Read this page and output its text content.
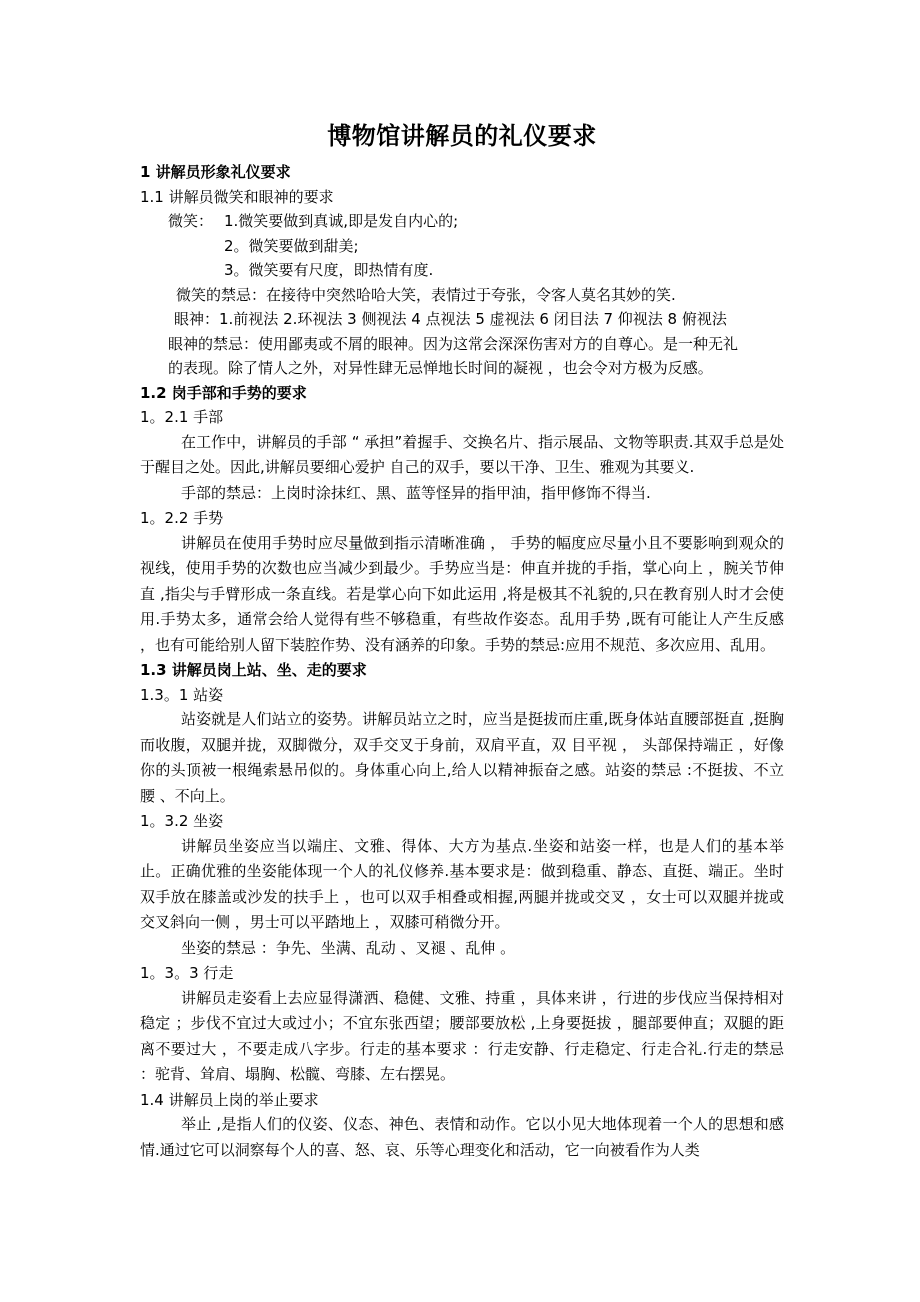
博物馆讲解员的礼仪要求
1 讲解员形象礼仪要求
1.1 讲解员微笑和眼神的要求
微笑： 1.微笑要做到真诚,即是发自内心的;
2。微笑要做到甜美;
3。微笑要有尺度，即热情有度.
微笑的禁忌：在接待中突然哈哈大笑，表情过于夸张，令客人莫名其妙的笑.
眼神：1.前视法 2.环视法 3 侧视法 4 点视法 5 虚视法 6 闭目法 7 仰视法 8 俯视法
眼神的禁忌：使用鄙夷或不屑的眼神。因为这常会深深伤害对方的自尊心。是一种无礼
的表现。除了情人之外，对异性肆无忌惮地长时间的凝视 ，也会令对方极为反感。
1.2 岗手部和手势的要求
1。2.1 手部

在工作中，讲解员的手部 “ 承担”着握手、交换名片、指示展品、文物等职责.其双手总是处于醒目之处。因此,讲解员要细心爱护 自己的双手，要以干净、卫生、雅观为其要义.

手部的禁忌：上岗时涂抹红、黑、蓝等怪异的指甲油，指甲修饰不得当.

1。2.2 手势

讲解员在使用手势时应尽量做到指示清晰准确 ， 手势的幅度应尽量小且不要影响到观众的视线，使用手势的次数也应当减少到最少。手势应当是：伸直并拢的手指，掌心向上 ，腕关节伸直 ,指尖与手臂形成一条直线。若是掌心向下如此运用 ,将是极其不礼貌的,只在教育别人时才会使用.手势太多，通常会给人觉得有些不够稳重，有些故作姿态。乱用手势 ,既有可能让人产生反感 ，也有可能给别人留下装腔作势、没有涵养的印象。手势的禁忌:应用不规范、多次应用、乱用。

1.3 讲解员岗上站、坐、走的要求
1.3。1 站姿

站姿就是人们站立的姿势。讲解员站立之时，应当是挺拔而庄重,既身体站直腰部挺直 ,挺胸而收腹，双腿并拢，双脚微分，双手交叉于身前，双肩平直，双 目平视 ， 头部保持端正 ，好像你的头顶被一根绳索悬吊似的。身体重心向上,给人以精神振奋之感。站姿的禁忌 :不挺拔、不立腰 、不向上。

1。3.2 坐姿

讲解员坐姿应当以端庄、文雅、得体、大方为基点.坐姿和站姿一样，也是人们的基本举止。正确优雅的坐姿能体现一个人的礼仪修养.基本要求是：做到稳重、静态、直挺、端正。坐时双手放在膝盖或沙发的扶手上 ，也可以双手相叠或相握,两腿并拢或交叉 ，女士可以双腿并拢或交叉斜向一侧 ，男士可以平踏地上 ，双膝可稍微分开。

坐姿的禁忌 ：争先、坐满、乱动 、叉褪 、乱伸 。

1。3。3 行走

讲解员走姿看上去应显得潇洒、稳健、文雅、持重 ，具体来讲 ，行进的步伐应当保持相对稳定 ；步伐不宜过大或过小；不宜东张西望；腰部要放松 ,上身要挺拔 ，腿部要伸直；双腿的距离不要过大 ，不要走成八字步。行走的基本要求 ：行走安静、行走稳定、行走合礼.行走的禁忌 ：驼背、耸肩、塌胸、松髋、弯膝、左右摆晃。

1.4 讲解员上岗的举止要求

举止 ,是指人们的仪姿、仪态、神色、表情和动作。它以小见大地体现着一个人的思想和感情.通过它可以洞察每个人的喜、怒、哀、乐等心理变化和活动，它一向被看作为人类
